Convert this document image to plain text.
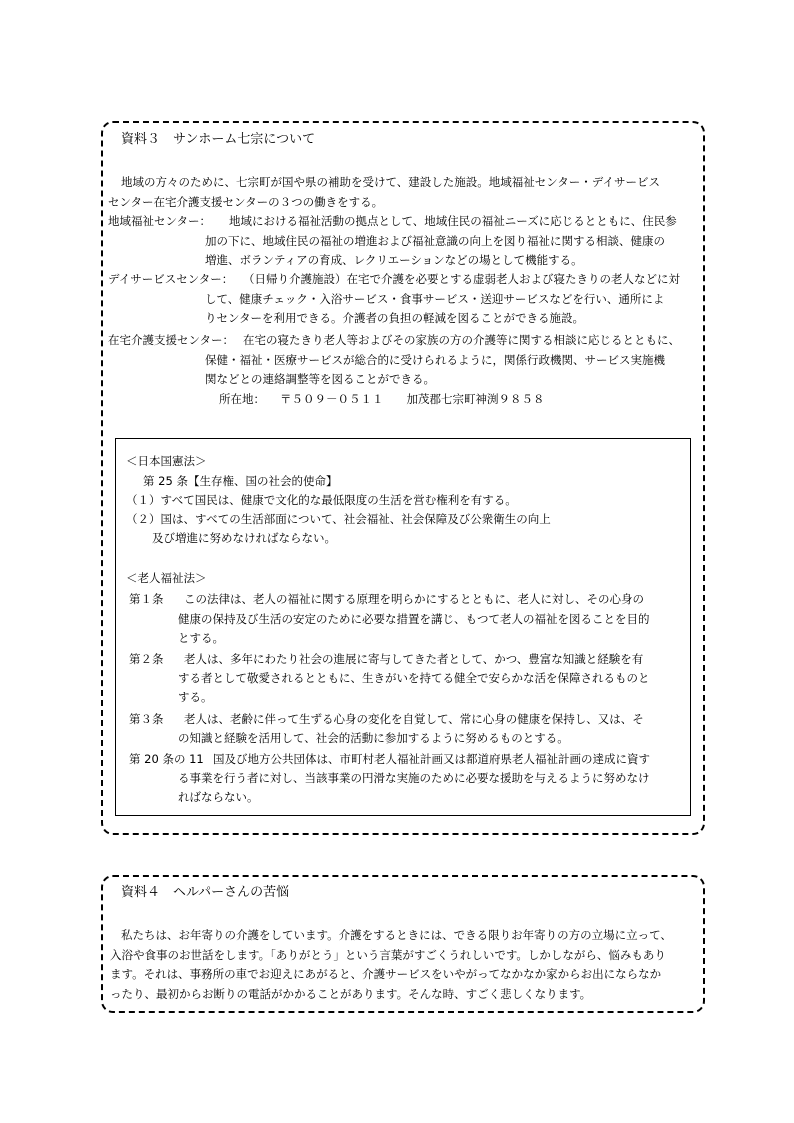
資料３　サンホーム七宗について
地域の方々のために、七宗町が国や県の補助を受けて、建設した施設。地域福祉センター・デイサービス
センター在宅介護支援センターの３つの働きをする。
地域福祉センター： 地域における福祉活動の拠点として、地域住民の福祉ニーズに応じるとともに、住民参
加の下に、地域住民の福祉の増進および福祉意識の向上を図り福祉に関する相談、健康の
増進、ボランティアの育成、レクリエーションなどの場として機能する。
デイサービスセンター： （日帰り介護施設）在宅で介護を必要とする虚弱老人および寝たきりの老人などに対
して、健康チェック・入浴サービス・食事サービス・送迎サービスなどを行い、通所によ
りセンターを利用できる。介護者の負担の軽減を図ることができる施設。
在宅介護支援センター： 在宅の寝たきり老人等およびその家族の方の介護等に関する相談に応じるとともに、
保健・福祉・医療サービスが総合的に受けられるように，関係行政機関、サービス実施機
関などとの連絡調整等を図ることができる。
所在地： 〒５０９－０５１１　　加茂郡七宗町神渕９８５８
＜日本国憲法＞
第 25 条【生存権、国の社会的使命】
（１）すべて国民は、健康で文化的な最低限度の生活を営む権利を有する。
（２）国は、すべての生活部面について、社会福祉、社会保障及び公衆衛生の向上
及び増進に努めなければならない。
＜老人福祉法＞
第１条 この法律は、老人の福祉に関する原理を明らかにするとともに、老人に対し、その心身の
健康の保持及び生活の安定のために必要な措置を講じ、もつて老人の福祉を図ることを目的
とする。
第２条 老人は、多年にわたり社会の進展に寄与してきた者として、かつ、豊富な知識と経験を有
する者として敬愛されるとともに、生きがいを持てる健全で安らかな活を保障されるものと
する。
第３条 老人は、老齢に伴って生ずる心身の変化を自覚して、常に心身の健康を保持し、又は、そ
の知識と経験を活用して、社会的活動に参加するように努めるものとする。
第 20 条の 11 国及び地方公共団体は、市町村老人福祉計画又は都道府県老人福祉計画の達成に資す
る事業を行う者に対し、当該事業の円滑な実施のために必要な援助を与えるように努めなけ
ればならない。
資料４　ヘルパーさんの苦悩
私たちは、お年寄りの介護をしています。介護をするときには、できる限りお年寄りの方の立場に立って、
入浴や食事のお世話をします。「ありがとう」という言葉がすごくうれしいです。しかしながら、悩みもあり
ます。それは、事務所の車でお迎えにあがると、介護サービスをいやがってなかなか家からお出にならなか
ったり、最初からお断りの電話がかかることがあります。そんな時、すごく悲しくなります。
